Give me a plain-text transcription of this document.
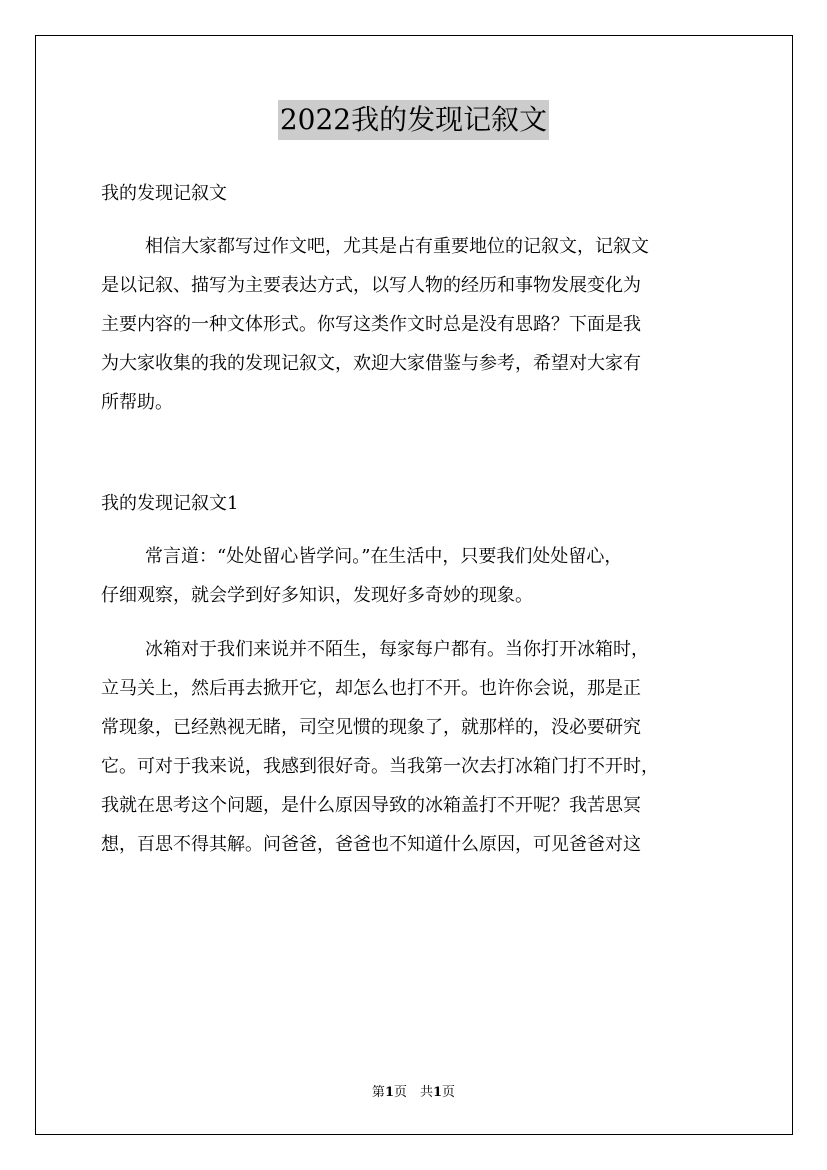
2022我的发现记叙文
我的发现记叙文
相信大家都写过作文吧，尤其是占有重要地位的记叙文，记叙文
是以记叙、描写为主要表达方式，以写人物的经历和事物发展变化为
主要内容的一种文体形式。你写这类作文时总是没有思路？下面是我
为大家收集的我的发现记叙文，欢迎大家借鉴与参考，希望对大家有
所帮助。
我的发现记叙文1
常言道：“处处留心皆学问。”在生活中，只要我们处处留心，
仔细观察，就会学到好多知识，发现好多奇妙的现象。
冰箱对于我们来说并不陌生，每家每户都有。当你打开冰箱时，
立马关上，然后再去掀开它，却怎么也打不开。也许你会说，那是正
常现象，已经熟视无睹，司空见惯的现象了，就那样的，没必要研究
它。可对于我来说，我感到很好奇。当我第一次去打冰箱门打不开时，
我就在思考这个问题，是什么原因导致的冰箱盖打不开呢？我苦思冥
想，百思不得其解。问爸爸，爸爸也不知道什么原因，可见爸爸对这
第1页　共1页
